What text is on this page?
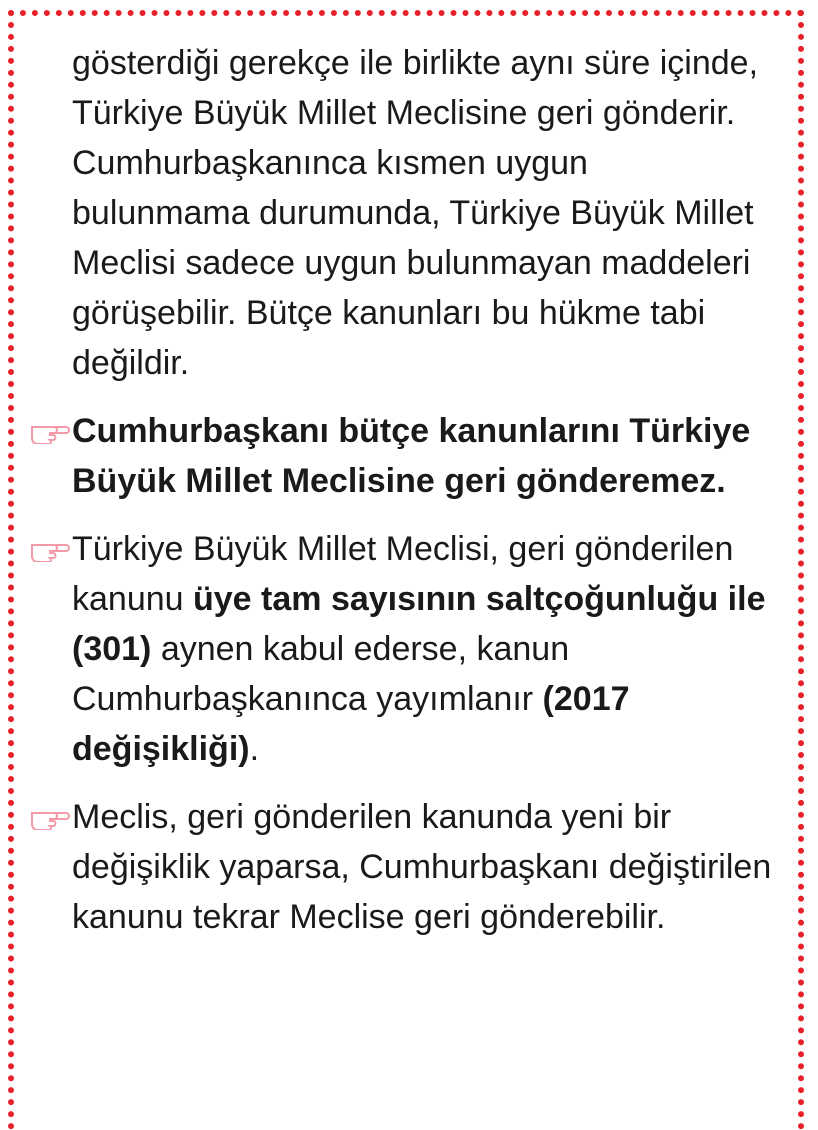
gösterdiği gerekçe ile birlikte aynı süre içinde, Türkiye Büyük Millet Meclisine geri gönderir. Cumhurbaşkanınca kısmen uygun bulunmama durumunda, Türkiye Büyük Millet Meclisi sadece uygun bulunmayan maddeleri görüşebilir. Bütçe kanunları bu hükme tabi değildir.

Cumhurbaşkanı bütçe kanunlarını Türkiye Büyük Millet Meclisine geri gönderemez.
Türkiye Büyük Millet Meclisi, geri gönderilen kanunu üye tam sayısının saltçoğunluğu ile (301) aynen kabul ederse, kanun Cumhurbaşkanınca yayımlanır (2017 değişikliği).
Meclis, geri gönderilen kanunda yeni bir değişiklik yaparsa, Cumhurbaşkanı değiştirilen kanunu tekrar Meclise geri gönderebilir.
